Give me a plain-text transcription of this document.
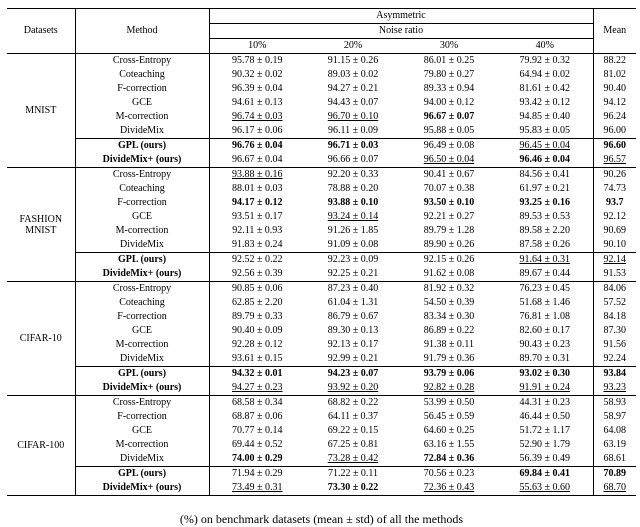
Datasets	Method	Asymmetric				Mean
		Noise ratio				
		10%	20%	30%	40%	
MNIST	Cross-Entropy	95.78 ± 0.19	91.15 ± 0.26	86.01 ± 0.25	79.92 ± 0.32	88.22
	Coteaching	90.32 ± 0.02	89.03 ± 0.02	79.80 ± 0.27	64.94 ± 0.02	81.02
	F-correction	96.39 ± 0.04	94.27 ± 0.21	89.33 ± 0.94	81.61 ± 0.42	90.40
	GCE	94.61 ± 0.13	94.43 ± 0.07	94.00 ± 0.12	93.42 ± 0.12	94.12
	M-correction	96.74 ± 0.03	96.70 ± 0.10	96.67 ± 0.07	94.85 ± 0.40	96.24
	DivideMix	96.17 ± 0.06	96.11 ± 0.09	95.88 ± 0.05	95.83 ± 0.05	96.00
	GPL (ours)	96.76 ± 0.04	96.71 ± 0.03	96.49 ± 0.08	96.45 ± 0.04	96.60
	DivideMix+ (ours)	96.67 ± 0.04	96.66 ± 0.07	96.50 ± 0.04	96.46 ± 0.04	96.57
FASHION MNIST	Cross-Entropy	93.88 ± 0.16	92.20 ± 0.33	90.41 ± 0.67	84.56 ± 0.41	90.26
	Coteaching	88.01 ± 0.03	78.88 ± 0.20	70.07 ± 0.38	61.97 ± 0.21	74.73
	F-correction	94.17 ± 0.12	93.88 ± 0.10	93.50 ± 0.10	93.25 ± 0.16	93.7
	GCE	93.51 ± 0.17	93.24 ± 0.14	92.21 ± 0.27	89.53 ± 0.53	92.12
	M-correction	92.11 ± 0.93	91.26 ± 1.85	89.79 ± 1.28	89.58 ± 2.20	90.69
	DivideMix	91.83 ± 0.24	91.09 ± 0.08	89.90 ± 0.26	87.58 ± 0.26	90.10
	GPL (ours)	92.52 ± 0.22	92.23 ± 0.09	92.15 ± 0.26	91.64 ± 0.31	92.14
	DivideMix+ (ours)	92.56 ± 0.39	92.25 ± 0.21	91.62 ± 0.08	89.67 ± 0.44	91.53
CIFAR-10	Cross-Entropy	90.85 ± 0.06	87.23 ± 0.40	81.92 ± 0.32	76.23 ± 0.45	84.06
	Coteaching	62.85 ± 2.20	61.04 ± 1.31	54.50 ± 0.39	51.68 ± 1.46	57.52
	F-correction	89.79 ± 0.33	86.79 ± 0.67	83.34 ± 0.30	76.81 ± 1.08	84.18
	GCE	90.40 ± 0.09	89.30 ± 0.13	86.89 ± 0.22	82.60 ± 0.17	87.30
	M-correction	92.28 ± 0.12	92.13 ± 0.17	91.38 ± 0.11	90.43 ± 0.23	91.56
	DivideMix	93.61 ± 0.15	92.99 ± 0.21	91.79 ± 0.36	89.70 ± 0.31	92.24
	GPL (ours)	94.32 ± 0.01	94.23 ± 0.07	93.79 ± 0.06	93.02 ± 0.30	93.84
	DivideMix+ (ours)	94.27 ± 0.23	93.92 ± 0.20	92.82 ± 0.28	91.91 ± 0.24	93.23
CIFAR-100	Cross-Entropy	68.58 ± 0.34	68.82 ± 0.22	53.99 ± 0.50	44.31 ± 0.23	58.93
	F-correction	68.87 ± 0.06	64.11 ± 0.37	56.45 ± 0.59	46.44 ± 0.50	58.97
	GCE	70.77 ± 0.14	69.22 ± 0.15	64.60 ± 0.25	51.72 ± 1.17	64.08
	M-correction	69.44 ± 0.52	67.25 ± 0.81	63.16 ± 1.55	52.90 ± 1.79	63.19
	DivideMix	74.00 ± 0.29	73.28 ± 0.42	72.84 ± 0.36	56.39 ± 0.49	68.61
	GPL (ours)	71.94 ± 0.29	71.22 ± 0.11	70.56 ± 0.23	69.84 ± 0.41	70.89
	DivideMix+ (ours)	73.49 ± 0.31	73.30 ± 0.22	72.36 ± 0.43	55.63 ± 0.60	68.70
(%) on benchmark datasets (mean ± std) of all the methods
